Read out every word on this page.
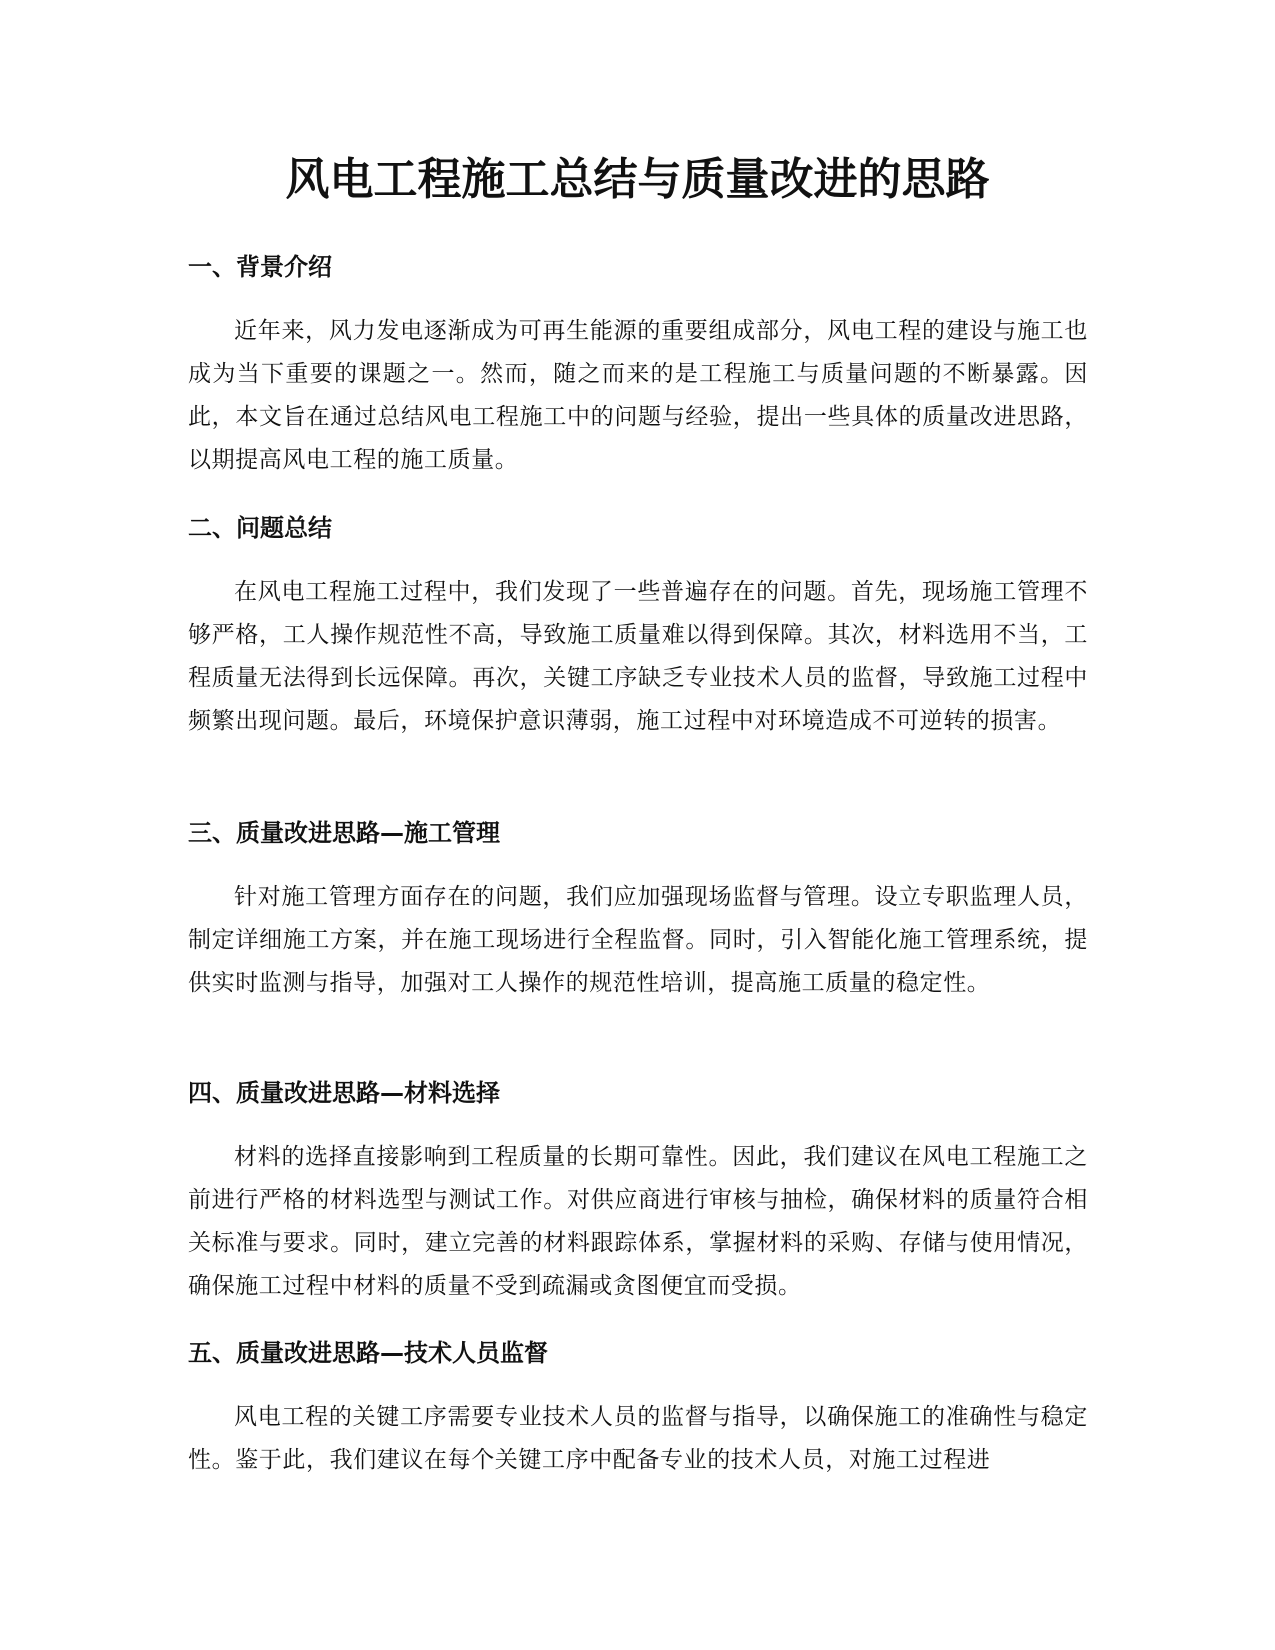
风电工程施工总结与质量改进的思路
一、背景介绍

近年来，风力发电逐渐成为可再生能源的重要组成部分，风电工程的建设与施工也成为当下重要的课题之一。然而，随之而来的是工程施工与质量问题的不断暴露。因此，本文旨在通过总结风电工程施工中的问题与经验，提出一些具体的质量改进思路，以期提高风电工程的施工质量。

二、问题总结

在风电工程施工过程中，我们发现了一些普遍存在的问题。首先，现场施工管理不够严格，工人操作规范性不高，导致施工质量难以得到保障。其次，材料选用不当，工程质量无法得到长远保障。再次，关键工序缺乏专业技术人员的监督，导致施工过程中频繁出现问题。最后，环境保护意识薄弱，施工过程中对环境造成不可逆转的损害。

三、质量改进思路—施工管理

针对施工管理方面存在的问题，我们应加强现场监督与管理。设立专职监理人员，制定详细施工方案，并在施工现场进行全程监督。同时，引入智能化施工管理系统，提供实时监测与指导，加强对工人操作的规范性培训，提高施工质量的稳定性。

四、质量改进思路—材料选择

材料的选择直接影响到工程质量的长期可靠性。因此，我们建议在风电工程施工之前进行严格的材料选型与测试工作。对供应商进行审核与抽检，确保材料的质量符合相关标准与要求。同时，建立完善的材料跟踪体系，掌握材料的采购、存储与使用情况，确保施工过程中材料的质量不受到疏漏或贪图便宜而受损。

五、质量改进思路—技术人员监督

风电工程的关键工序需要专业技术人员的监督与指导，以确保施工的准确性与稳定性。鉴于此，我们建议在每个关键工序中配备专业的技术人员，对施工过程进
